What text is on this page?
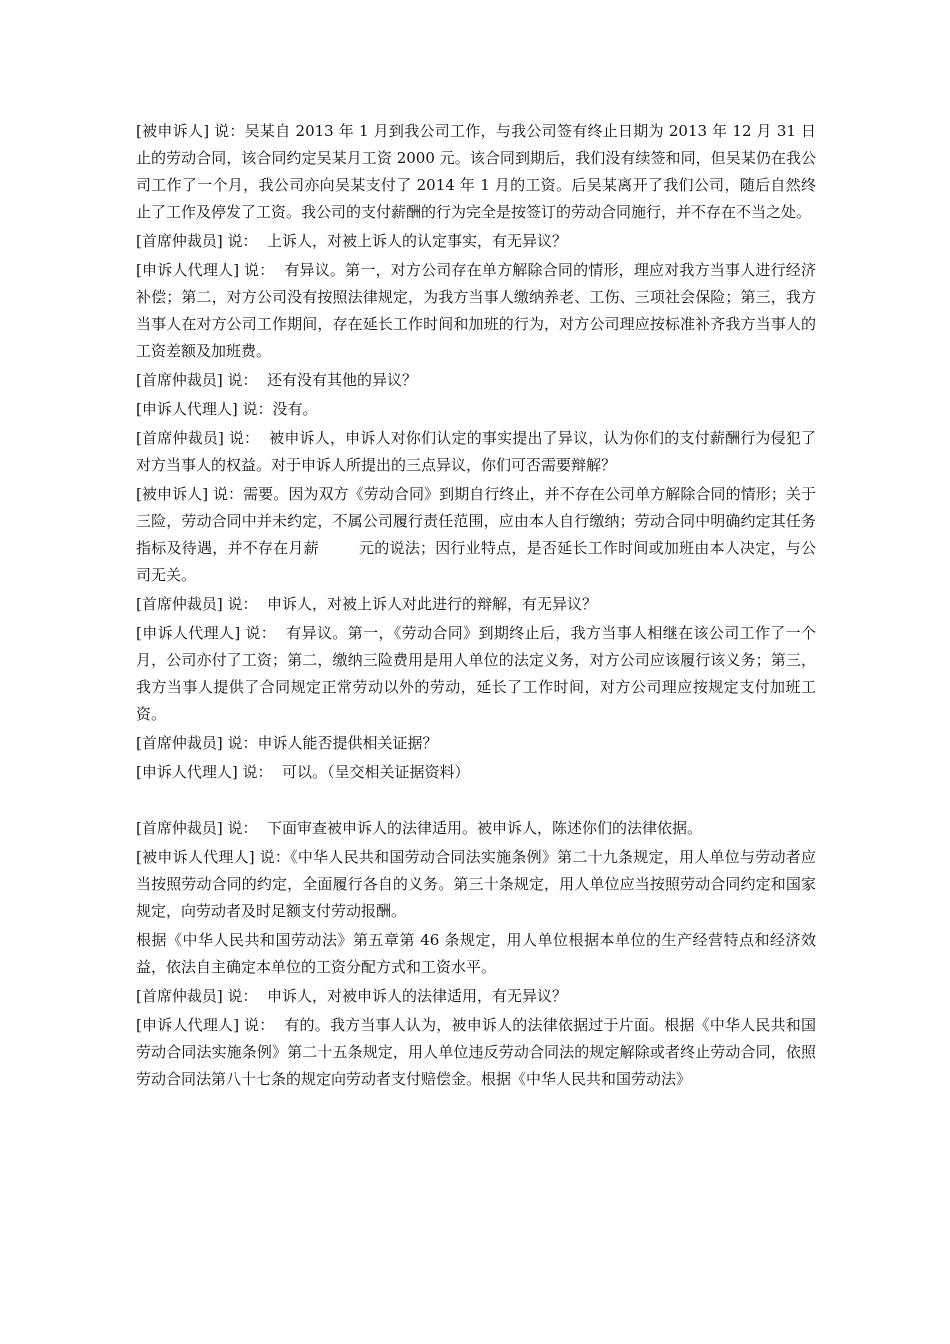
[被申诉人] 说：吴某自 2013 年 1 月到我公司工作，与我公司签有终止日期为 2013 年 12 月 31 日止的劳动合同，该合同约定吴某月工资 2000 元。该合同到期后，我们没有续签和同，但吴某仍在我公司工作了一个月，我公司亦向吴某支付了 2014 年 1 月的工资。后吴某离开了我们公司，随后自然终止了工作及停发了工资。我公司的支付薪酬的行为完全是按签订的劳动合同施行，并不存在不当之处。

[首席仲裁员] 说：  上诉人，对被上诉人的认定事实，有无异议？

[申诉人代理人] 说：  有异议。第一，对方公司存在单方解除合同的情形，理应对我方当事人进行经济补偿；第二，对方公司没有按照法律规定，为我方当事人缴纳养老、工伤、三项社会保险；第三，我方当事人在对方公司工作期间，存在延长工作时间和加班的行为，对方公司理应按标准补齐我方当事人的工资差额及加班费。

[首席仲裁员] 说：  还有没有其他的异议？

[申诉人代理人] 说：没有。

[首席仲裁员] 说：  被申诉人，申诉人对你们认定的事实提出了异议，认为你们的支付薪酬行为侵犯了对方当事人的权益。对于申诉人所提出的三点异议，你们可否需要辩解？

[被申诉人] 说：需要。因为双方《劳动合同》到期自行终止，并不存在公司单方解除合同的情形；关于三险，劳动合同中并未约定，不属公司履行责任范围，应由本人自行缴纳；劳动合同中明确约定其任务指标及待遇，并不存在月薪        元的说法；因行业特点，是否延长工作时间或加班由本人决定，与公司无关。

[首席仲裁员] 说：  申诉人，对被上诉人对此进行的辩解，有无异议？

[申诉人代理人] 说：  有异议。第一，《劳动合同》到期终止后，我方当事人相继在该公司工作了一个月，公司亦付了工资；第二，缴纳三险费用是用人单位的法定义务，对方公司应该履行该义务；第三，我方当事人提供了合同规定正常劳动以外的劳动，延长了工作时间，对方公司理应按规定支付加班工资。

[首席仲裁员] 说：申诉人能否提供相关证据？

[申诉人代理人] 说：  可以。（呈交相关证据资料）

[首席仲裁员] 说：  下面审查被申诉人的法律适用。被申诉人，陈述你们的法律依据。

[被申诉人代理人] 说：《中华人民共和国劳动合同法实施条例》第二十九条规定，用人单位与劳动者应当按照劳动合同的约定，全面履行各自的义务。第三十条规定，用人单位应当按照劳动合同约定和国家规定，向劳动者及时足额支付劳动报酬。

根据《中华人民共和国劳动法》第五章第 46 条规定，用人单位根据本单位的生产经营特点和经济效益，依法自主确定本单位的工资分配方式和工资水平。

[首席仲裁员] 说：  申诉人，对被申诉人的法律适用，有无异议？

[申诉人代理人] 说：  有的。我方当事人认为，被申诉人的法律依据过于片面。根据《中华人民共和国劳动合同法实施条例》第二十五条规定，用人单位违反劳动合同法的规定解除或者终止劳动合同，依照劳动合同法第八十七条的规定向劳动者支付赔偿金。根据《中华人民共和国劳动法》
